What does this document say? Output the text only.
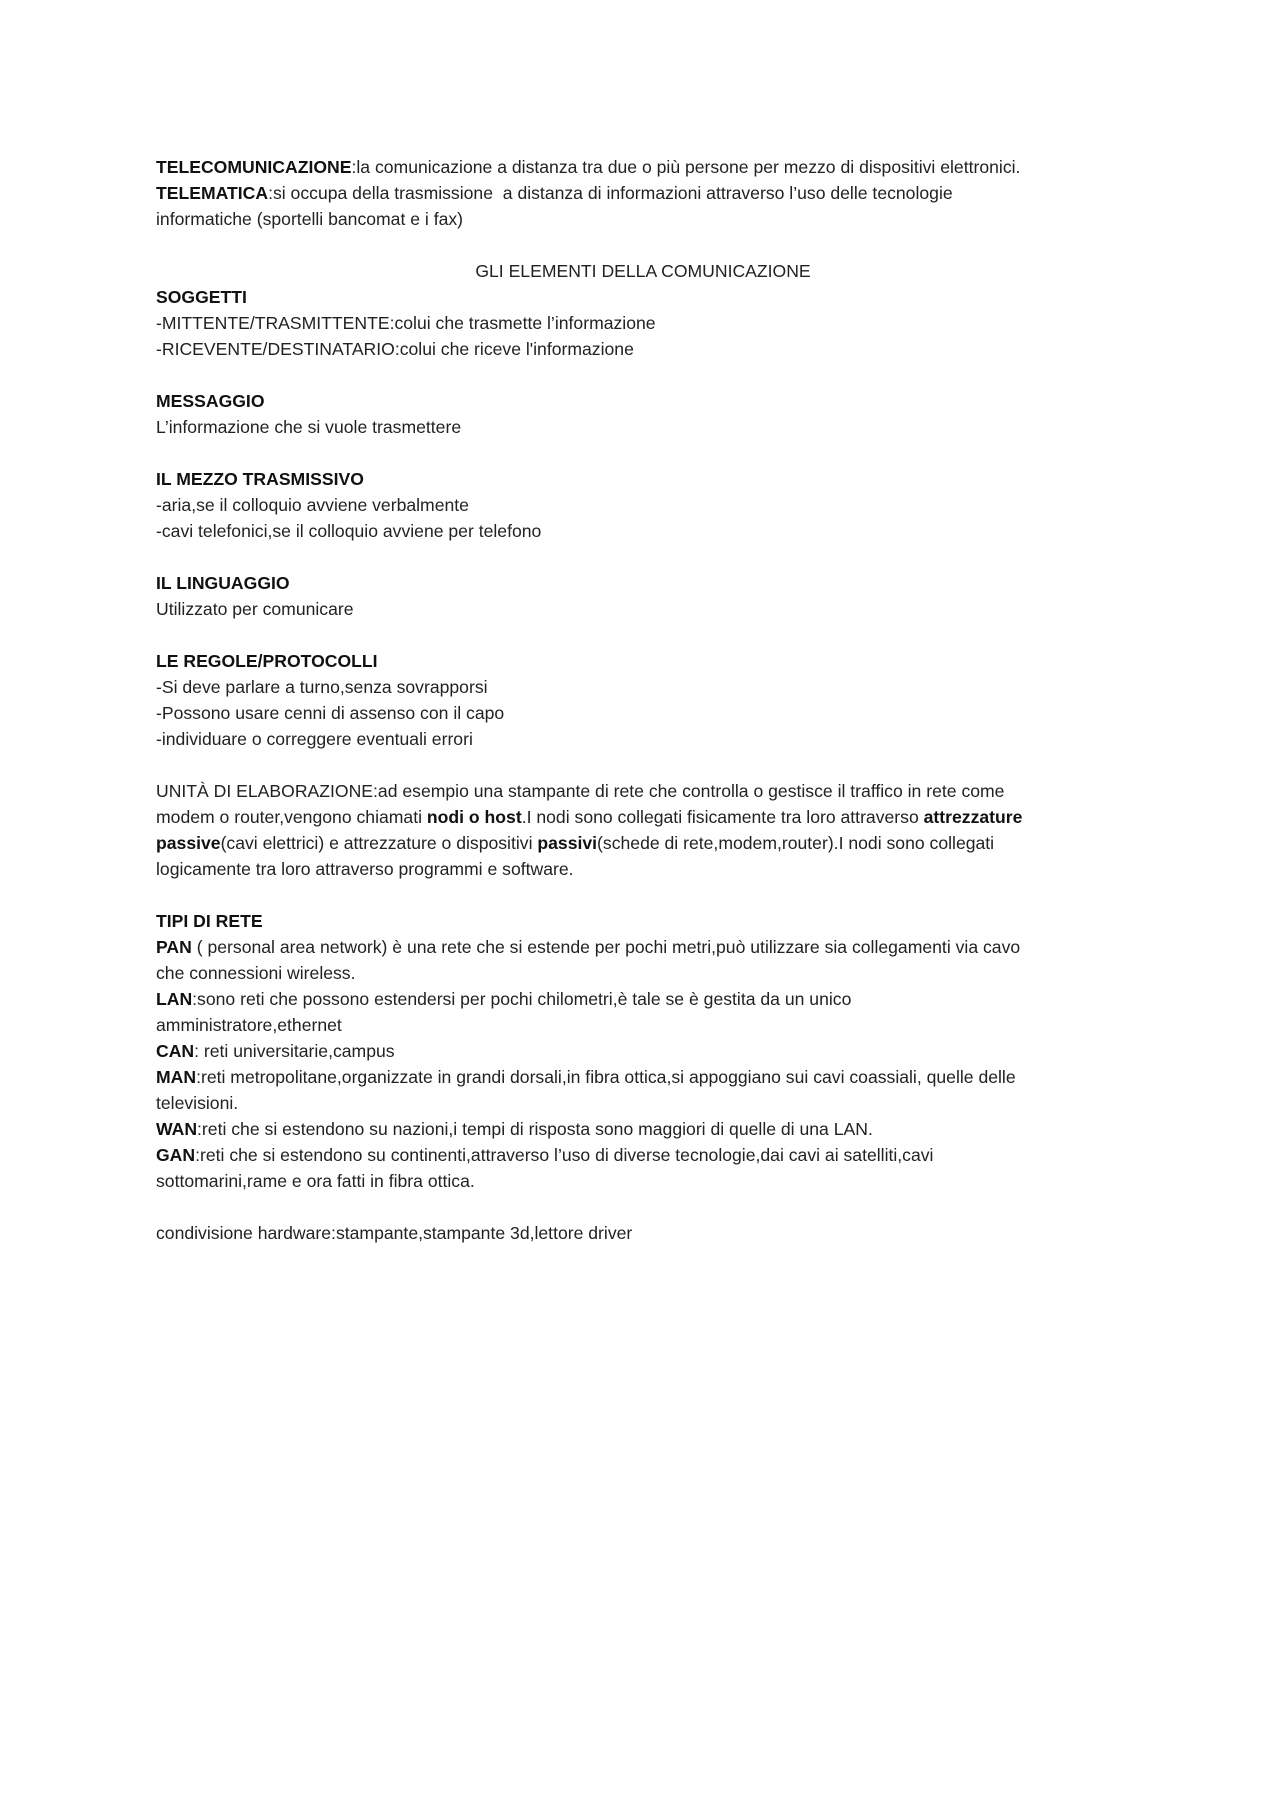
TELECOMUNICAZIONE:la comunicazione a distanza tra due o più persone per mezzo di dispositivi elettronici.
TELEMATICA:si occupa della trasmissione  a distanza di informazioni attraverso l’uso delle tecnologie
informatiche (sportelli bancomat e i fax)
GLI ELEMENTI DELLA COMUNICAZIONE
SOGGETTI
-MITTENTE/TRASMITTENTE:colui che trasmette l’informazione
-RICEVENTE/DESTINATARIO:colui che riceve l'informazione
MESSAGGIO
L’informazione che si vuole trasmettere
IL MEZZO TRASMISSIVO
-aria,se il colloquio avviene verbalmente
-cavi telefonici,se il colloquio avviene per telefono
IL LINGUAGGIO
Utilizzato per comunicare
LE REGOLE/PROTOCOLLI
-Si deve parlare a turno,senza sovrapporsi
-Possono usare cenni di assenso con il capo
-individuare o correggere eventuali errori
UNITÀ DI ELABORAZIONE:ad esempio una stampante di rete che controlla o gestisce il traffico in rete come
modem o router,vengono chiamati nodi o host.I nodi sono collegati fisicamente tra loro attraverso attrezzature
passive(cavi elettrici) e attrezzature o dispositivi passivi(schede di rete,modem,router).I nodi sono collegati
logicamente tra loro attraverso programmi e software.
TIPI DI RETE
PAN ( personal area network) è una rete che si estende per pochi metri,può utilizzare sia collegamenti via cavo
che connessioni wireless.
LAN:sono reti che possono estendersi per pochi chilometri,è tale se è gestita da un unico
amministratore,ethernet
CAN: reti universitarie,campus
MAN:reti metropolitane,organizzate in grandi dorsali,in fibra ottica,si appoggiano sui cavi coassiali, quelle delle
televisioni.
WAN:reti che si estendono su nazioni,i tempi di risposta sono maggiori di quelle di una LAN.
GAN:reti che si estendono su continenti,attraverso l’uso di diverse tecnologie,dai cavi ai satelliti,cavi
sottomarini,rame e ora fatti in fibra ottica.
condivisione hardware:stampante,stampante 3d,lettore driver
